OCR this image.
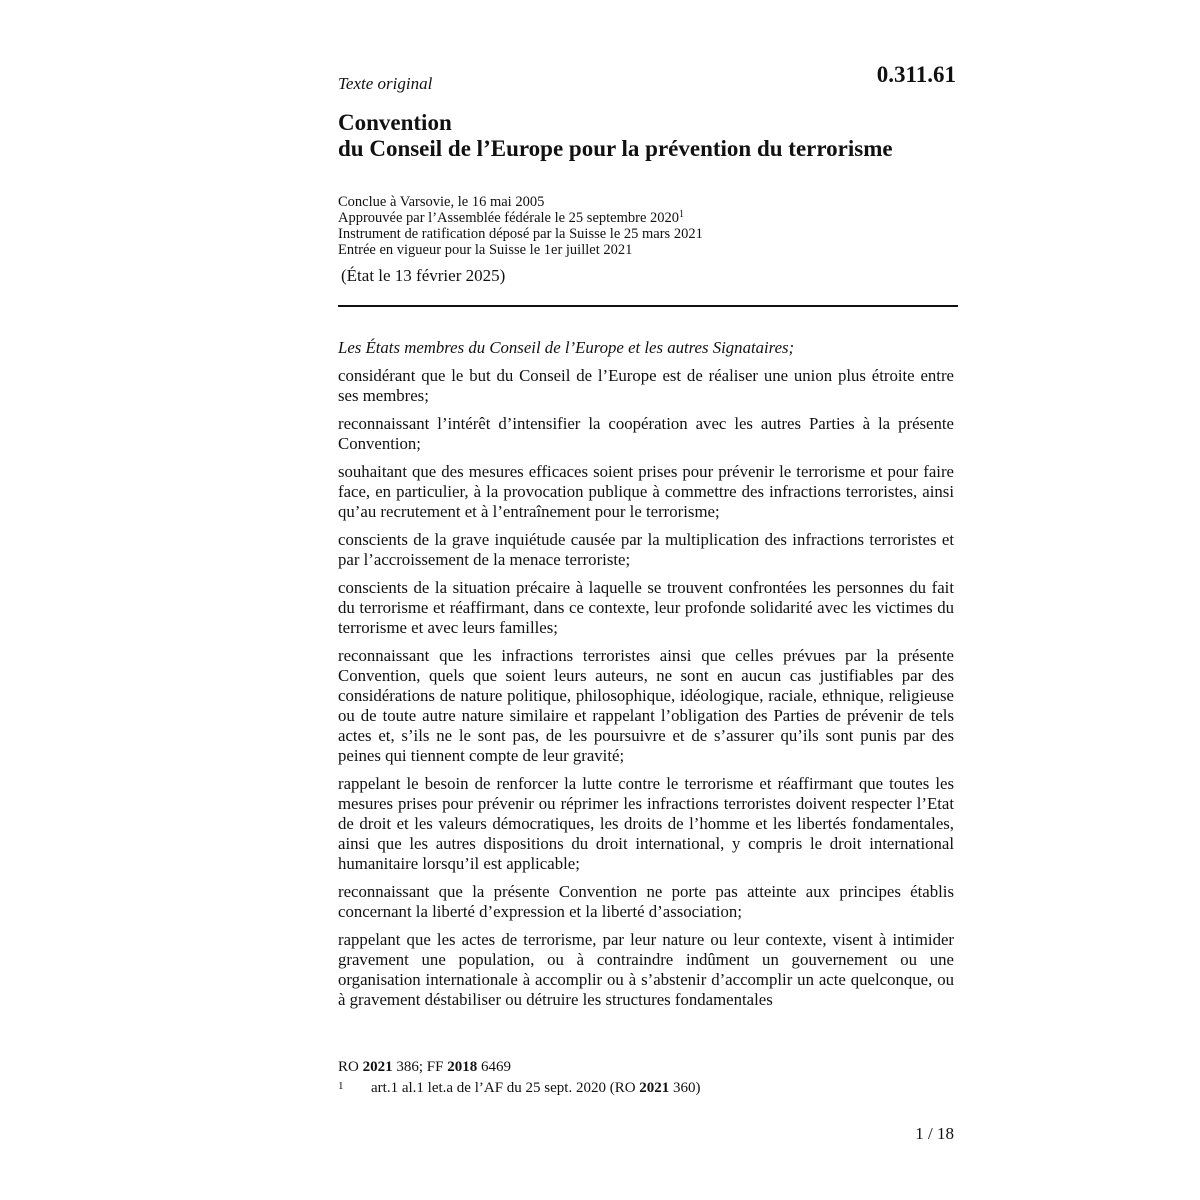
Texte original	0.311.61
Convention
du Conseil de l’Europe pour la prévention du terrorisme
Conclue à Varsovie, le 16 mai 2005
Approuvée par l’Assemblée fédérale le 25 septembre 2020$^1$
Instrument de ratification déposé par la Suisse le 25 mars 2021
Entrée en vigueur pour la Suisse le 1er juillet 2021
(État le 13 février 2025)

Les États membres du Conseil de l’Europe et les autres Signataires;

considérant que le but du Conseil de l’Europe est de réaliser une union plus étroite entre ses membres;

reconnaissant l’intérêt d’intensifier la coopération avec les autres Parties à la présente Convention;

souhaitant que des mesures efficaces soient prises pour prévenir le terrorisme et pour faire face, en particulier, à la provocation publique à commettre des infractions terroristes, ainsi qu’au recrutement et à l’entraînement pour le terrorisme;

conscients de la grave inquiétude causée par la multiplication des infractions terroristes et par l’accroissement de la menace terroriste;

conscients de la situation précaire à laquelle se trouvent confrontées les personnes du fait du terrorisme et réaffirmant, dans ce contexte, leur profonde solidarité avec les victimes du terrorisme et avec leurs familles;

reconnaissant que les infractions terroristes ainsi que celles prévues par la présente Convention, quels que soient leurs auteurs, ne sont en aucun cas justifiables par des considérations de nature politique, philosophique, idéologique, raciale, ethnique, religieuse ou de toute autre nature similaire et rappelant l’obligation des Parties de prévenir de tels actes et, s’ils ne le sont pas, de les poursuivre et de s’assurer qu’ils sont punis par des peines qui tiennent compte de leur gravité;

rappelant le besoin de renforcer la lutte contre le terrorisme et réaffirmant que toutes les mesures prises pour prévenir ou réprimer les infractions terroristes doivent respecter l’Etat de droit et les valeurs démocratiques, les droits de l’homme et les libertés fondamentales, ainsi que les autres dispositions du droit international, y compris le droit international humanitaire lorsqu’il est applicable;

reconnaissant que la présente Convention ne porte pas atteinte aux principes établis concernant la liberté d’expression et la liberté d’association;

rappelant que les actes de terrorisme, par leur nature ou leur contexte, visent à intimider gravement une population, ou à contraindre indûment un gouvernement ou une organisation internationale à accomplir ou à s’abstenir d’accomplir un acte quelconque, ou à gravement déstabiliser ou détruire les structures fondamentales

RO 2021 386; FF 2018 6469
1 art.1 al.1 let.a de l’AF du 25 sept. 2020 (RO 2021 360)
1 / 18
